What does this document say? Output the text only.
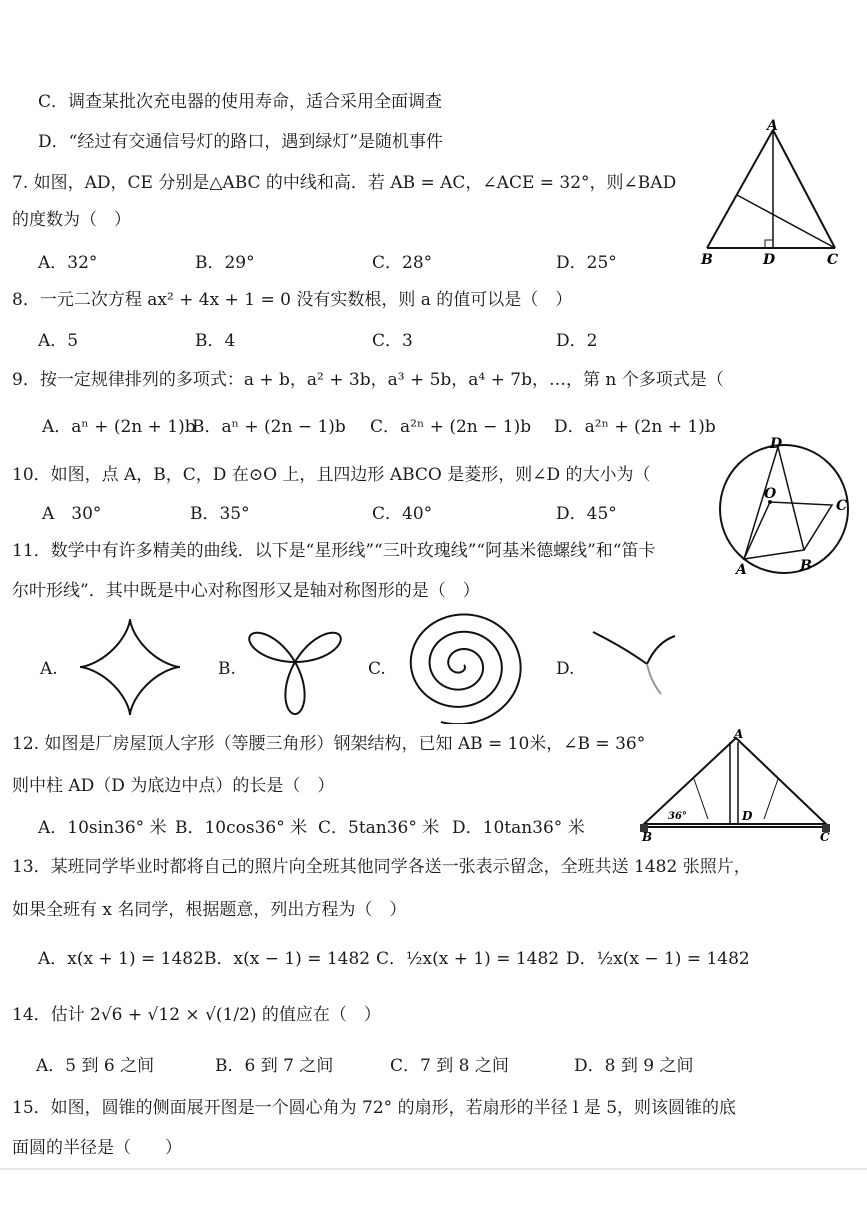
C．调查某批次充电器的使用寿命，适合采用全面调查
D．“经过有交通信号灯的路口，遇到绿灯”是随机事件
7. 如图，AD，CE 分别是△ABC 的中线和高．若 AB = AC，∠ACE = 32°，则∠BAD
的度数为（　）
A．32°	B．29°	C．28°	D．25°
A
B	D	C
8．一元二次方程 ax² + 4x + 1 = 0 没有实数根，则 a 的值可以是（　）
A．5	B．4	C．3	D．2
9．按一定规律排列的多项式：a + b，a² + 3b，a³ + 5b，a⁴ + 7b，…，第 n 个多项式是（
A．aⁿ + (2n + 1)b
B．aⁿ + (2n − 1)b C．a²ⁿ + (2n − 1)b D．a²ⁿ + (2n + 1)b
10．如图，点 A，B，C，D 在⊙O 上，且四边形 ABCO 是菱形，则∠D 的大小为（
A　30°	B．35°	C．40°	D．45°
D
O
C
A	B
11．数学中有许多精美的曲线．以下是“星形线”“三叶玫瑰线”“阿基米德螺线”和“笛卡
尔叶形线”．其中既是中心对称图形又是轴对称图形的是（　）
A.	B.	C.	D.
12. 如图是厂房屋顶人字形（等腰三角形）钢架结构，已知 AB = 10米，∠B = 36°
则中柱 AD（D 为底边中点）的长是（　）
A．10sin36° 米 B．10cos36° 米 C．5tan36° 米 D．10tan36° 米
A
36°	D
B	C
13．某班同学毕业时都将自己的照片向全班其他同学各送一张表示留念，全班共送 1482 张照片，
如果全班有 x 名同学，根据题意，列出方程为（　）
A．x(x + 1) = 1482 B．x(x − 1) = 1482 C．½x(x + 1) = 1482 D．½x(x − 1) = 1482
14．估计 2√6 + √12 × √(1/2) 的值应在（　）
A．5 到 6 之间	B．6 到 7 之间	C．7 到 8 之间	D．8 到 9 之间
15．如图，圆锥的侧面展开图是一个圆心角为 72° 的扇形，若扇形的半径 l 是 5，则该圆锥的底
面圆的半径是（　　）
